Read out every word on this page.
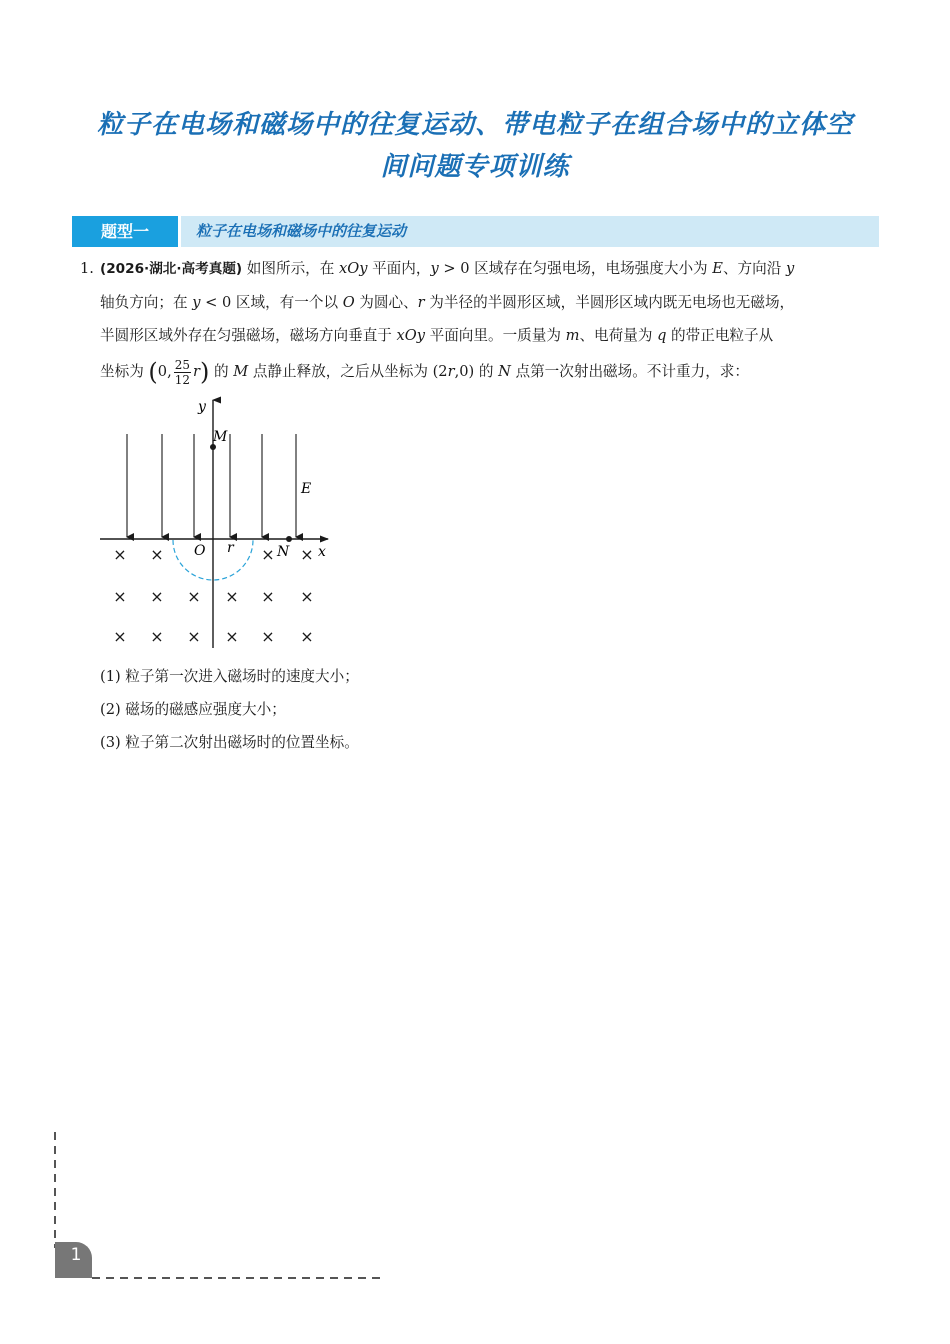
粒子在电场和磁场中的往复运动、带电粒子在组合场中的立体空
间问题专项训练
题型一	粒子在电场和磁场中的往复运动

1. (2026·湖北·高考真题) 如图所示，在 xOy 平面内，y > 0 区域存在匀强电场，电场强度大小为 E、方向沿 y

轴负方向；在 y < 0 区域，有一个以 O 为圆心、r 为半径的半圆形区域，半圆形区域内既无电场也无磁场，

半圆形区域外存在匀强磁场，磁场方向垂直于 xOy 平面向里。一质量为 m、电荷量为 q 的带正电粒子从

坐标为 (0, $\frac{25}{12} r$) 的 M 点静止释放，之后从坐标为 (2r,0) 的 N 点第一次射出磁场。不计重力，求：

y
x
E
M
O r	N
× ×	× ×
× × × × × ×
× × × × × ×

(1) 粒子第一次进入磁场时的速度大小；

(2) 磁场的磁感应强度大小；

(3) 粒子第二次射出磁场时的位置坐标。

1
